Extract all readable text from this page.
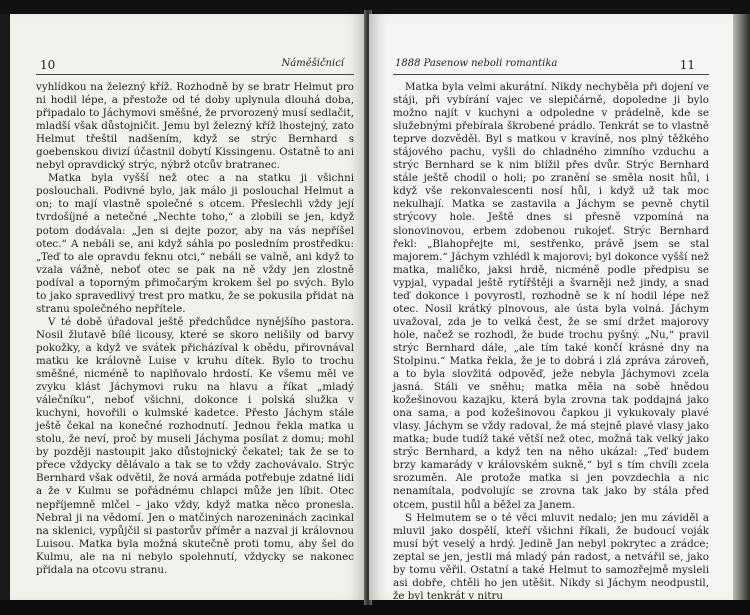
10	Náměšičnicí

vyhlídkou na železný kříž. Rozhodně by se bratr Helmut pro ni hodil lépe, a přestože od té doby uplynula dlouhá doba, připadalo to Jáchymovi směšné, že prvorozený musí sedlačit, mladší však důstojničit. Jemu byl železný kříž lhostejný, zato Helmut třeštil nadšením, když se strýc Bernhard s goebenskou divizí účastnil dobytí Kissingenu. Ostatně to ani nebyl opravdický strýc, nýbrž otcův bratranec.

Matka byla vyšší než otec a na statku ji všichni poslouchali. Podivné bylo, jak málo ji poslouchal Helmut a on; to mají vlastně společné s otcem. Přeslechli vždy její tvrdošíjné a netečné „Nechte toho,“ a zlobili se jen, když potom dodávala: „Jen si dejte pozor, aby na vás nepříšel otec.“ A nebáli se, ani když sáhla po posledním prostředku: „Teď to ale opravdu feknu otci,“ nebáli se valně, ani když to vzala vážně, neboť otec se pak na ně vždy jen zlostně podíval a toporným přimočarým krokem šel po svých. Bylo to jako spravedlivý trest pro matku, že se pokusila přidat na stranu společného nepřítele.

V té době úřadoval ještě předchůdce nynějšího pastora. Nosil žlutavě bílé licousy, které se skoro nelišily od barvy pokožky, a když ve svátek přicházíval k obědu, přirovnával matku ke královně Luise v kruhu dítek. Bylo to trochu směšné, nicméně to naplňovalo hrdostí. Ke všemu měl ve zvyku klást Jáchymovi ruku na hlavu a říkat „mladý válečníku“, neboť všichni, dokonce i polská služka v kuchyni, hovořili o kulmské kadetce. Přesto Jáchym stále ještě čekal na konečné rozhodnutí. Jednou řekla matka u stolu, že neví, proč by museli Jáchyma posílat z domu; mohl by později nastoupit jako důstojnický čekatel; tak že se to přece vždycky dělávalo a tak se to vždy zachovávalo. Strýc Bernhard však odvětil, že nová armáda potřebuje zdatné lidi a že v Kulmu se pořádnému chlapci může jen líbit. Otec nepříjemně mlčel – jako vždy, když matka něco pronesla. Nebral ji na vědomí. Jen o matčiných narozeninách zacinkal na sklenici, vypůjčil si pastorův příměr a nazval ji královnou Luisou. Matka byla možná skutečně proti tomu, aby šel do Kulmu, ale na ni nebylo spolehnutí, vždycky se nakonec přidala na otcovu stranu.

1888 Pasenow neboli romantika	11

Matka byla velmi akurátní. Nikdy nechyběla při dojení ve stáji, při vybírání vajec ve slepičárně, dopoledne ji bylo možno najít v kuchyni a odpoledne v prádelně, kde se služebnými přebírala škrobené prádlo. Tenkrát se to vlastně teprve dozvěděl. Byl s matkou v kravíně, nos plný těžkého stájového pachu, vyšli do chladného zimního vzduchu a strýc Bernhard se k nim blížil přes dvůr. Strýc Bernhard stále ještě chodil o holi; po zranění se směla nosit hůl, i když vše rekonvalescenti nosí hůl, i když už tak moc nekulhají. Matka se zastavila a Jáchym se pevně chytil strýcovy hole. Ještě dnes si přesně vzpomíná na slonovinovou, erbem zdobenou rukojeť. Strýc Bernhard řekl: „Blahopřejte mi, sestřenko, právě jsem se stal majorem.“ Jáchym vzhlédl k majorovi; byl dokonce vyšší než matka, maličko, jaksi hrdě, nicméně podle předpisu se vypjal, vypadal ještě rytířštěji a švarněji než jindy, a snad teď dokonce i povyrostl, rozhodně se k ní hodil lépe než otec. Nosil krátký plnovous, ale ústa byla volná. Jáchym uvažoval, zda je to velká čest, že se smí držet majorovy hole, načež se rozhodl, že bude trochu pyšný. „Nu,“ pravil strýc Bernhard dále, „ale tím také končí krásné dny na Stolpinu.“ Matka řekla, že je to dobrá i zlá zpráva zároveň, a to byla slovžitá odpověď, ježe nebyla Jáchymovi zcela jasná. Stáli ve sněhu; matka měla na sobě hnědou kožešinovou kazajku, která byla zrovna tak poddajná jako ona sama, a pod kožešinovou čapkou ji vykukovaly plavé vlasy. Jáchym se vždy radoval, že má stejně plavé vlasy jako matka; bude tudíž také větší než otec, možná tak velký jako strýc Bernhard, a když ten na něho ukázal: „Teď budem brzy kamarády v královském sukně,“ byl s tím chvíli zcela srozuměn. Ale protože matka si jen povzdechla a nic nenamítala, podvolujíc se zrovna tak jako by stála před otcem, pustil hůl a běžel za Janem.

S Helmutem se o té věci mluvit nedalo; jen mu záviděl a mluvil jako dospělí, kteří všichni říkali, že budoucí voják musí být veselý a hrdý. Jedině Jan nebyl pokrytec a zrádce; zeptal se jen, jestli má mladý pán radost, a netvářil se, jako by tomu věřil. Ostatní a také Helmut to samozřejmě mysleli asi dobře, chtěli ho jen utěšit. Nikdy si Jáchym neodpustil, že byl tenkrát v nitru
